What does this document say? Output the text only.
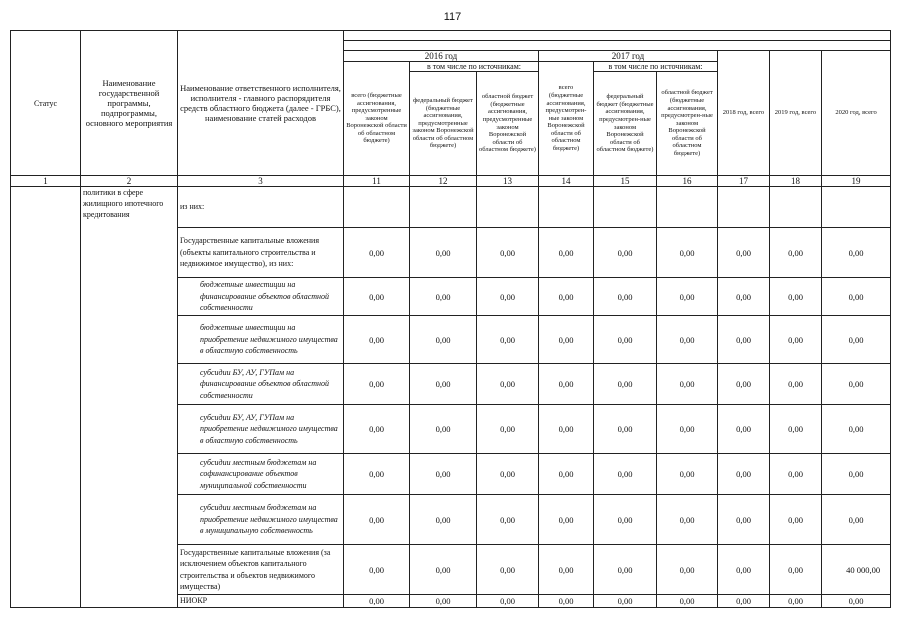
117
Статус	Наименование государственной программы, подпрограммы, основного мероприятия	Наименование ответственного исполнителя, исполнителя - главного распорядителя средств областного бюджета (далее - ГРБС), наименование статей расходов									

			2016 год			2017 год			2018 год, всего	2019 год, всего	2020 год, всего
			всего (бюджетные ассигнования, предусмотренные законом Воронежской области об областном бюджете)	в том числе по источникам:		всего (бюджетные ассигнования, предусмотрен-ные законом Воронежской области об областном бюджете)	в том числе по источникам:				
				федеральный бюджет (бюджетные ассигнования, предусмотренные законом Воронежской области об областном бюджете)	областной бюджет (бюджетные ассигнования, предусмотренные законом Воронежской области об областном бюджете)		федеральный бюджет (бюджетные ассигнования, предусмотрен-ные законом Воронежской области об областном бюджете)	областной бюджет (бюджетные ассигнования, предусмотрен-ные законом Воронежской области об областном бюджете)			
1	2	3	11	12	13	14	15	16	17	18	19

	политики в сфере жилищного ипотечного кредитования	из них:									
		Государственные капитальные вложения (объекты капитального строительства и недвижимое имущество), из них:	0,00	0,00	0,00	0,00	0,00	0,00	0,00	0,00	0,00
		бюджетные инвестиции на финансирование объектов областной собственности	0,00	0,00	0,00	0,00	0,00	0,00	0,00	0,00	0,00
		бюджетные инвестиции на приобретение недвижимого имущества в областную собственность	0,00	0,00	0,00	0,00	0,00	0,00	0,00	0,00	0,00
		субсидии БУ, АУ, ГУПам на финансирование объектов областной собственности	0,00	0,00	0,00	0,00	0,00	0,00	0,00	0,00	0,00
		субсидии БУ, АУ, ГУПам на приобретение недвижимого имущества в областную собственность	0,00	0,00	0,00	0,00	0,00	0,00	0,00	0,00	0,00
		субсидии местным бюджетам на софинансирование объектов муниципальной собственности	0,00	0,00	0,00	0,00	0,00	0,00	0,00	0,00	0,00
		субсидии местным бюджетам на приобретение недвижимого имущества в муниципальную собственность	0,00	0,00	0,00	0,00	0,00	0,00	0,00	0,00	0,00
		Государственные капитальные вложения (за исключением объектов капитального строительства и объектов недвижимого имущества)	0,00	0,00	0,00	0,00	0,00	0,00	0,00	0,00	40 000,00
		НИОКР	0,00	0,00	0,00	0,00	0,00	0,00	0,00	0,00	0,00
